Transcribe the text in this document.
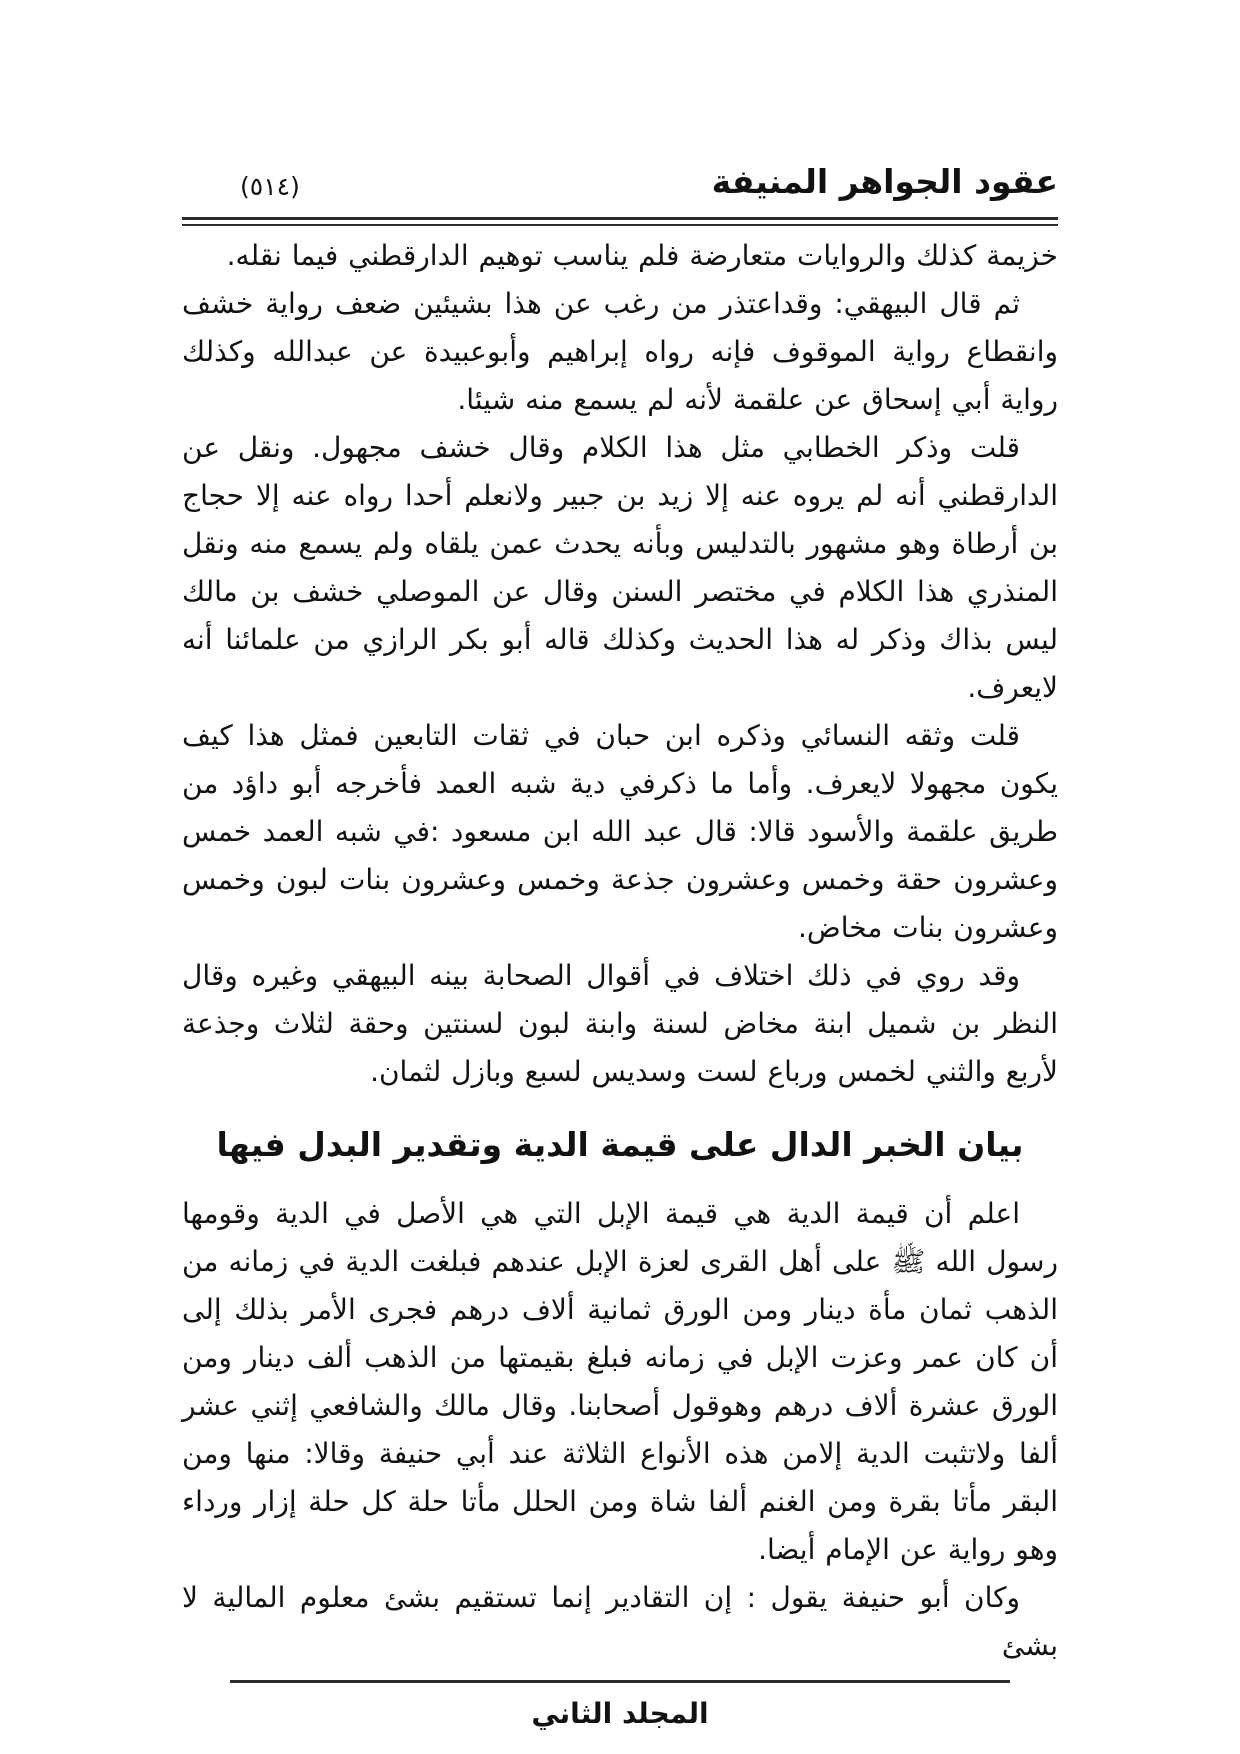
عقود الجواهر المنيفة
(٥١٤)

خزيمة كذلك والروايات متعارضة فلم يناسب توهيم الدارقطني فيما نقله.

ثم قال البيهقي: وقداعتذر من رغب عن هذا بشيئين ضعف رواية خشف وانقطاع رواية الموقوف فإنه رواه إبراهيم وأبوعبيدة عن عبدالله وكذلك رواية أبي إسحاق عن علقمة لأنه لم يسمع منه شيئا.

قلت وذكر الخطابي مثل هذا الكلام وقال خشف مجهول. ونقل عن الدارقطني أنه لم يروه عنه إلا زيد بن جبير ولانعلم أحدا رواه عنه إلا حجاج بن أرطاة وهو مشهور بالتدليس وبأنه يحدث عمن يلقاه ولم يسمع منه ونقل المنذري هذا الكلام في مختصر السنن وقال عن الموصلي خشف بن مالك ليس بذاك وذكر له هذا الحديث وكذلك قاله أبو بكر الرازي من علمائنا أنه لايعرف.

قلت وثقه النسائي وذكره ابن حبان في ثقات التابعين فمثل هذا كيف يكون مجهولا لايعرف. وأما ما ذكرفي دية شبه العمد فأخرجه أبو داؤد من طريق علقمة والأسود قالا: قال عبد الله ابن مسعود :في شبه العمد خمس وعشرون حقة وخمس وعشرون جذعة وخمس وعشرون بنات لبون وخمس وعشرون بنات مخاض.

وقد روي في ذلك اختلاف في أقوال الصحابة بينه البيهقي وغيره وقال النظر بن شميل ابنة مخاض لسنة وابنة لبون لسنتين وحقة لثلاث وجذعة لأربع والثني لخمس ورباع لست وسديس لسبع وبازل لثمان.

بيان الخبر الدال على قيمة الدية وتقدير البدل فيها

اعلم أن قيمة الدية هي قيمة الإبل التي هي الأصل في الدية وقومها رسول الله ﷺ على أهل القرى لعزة الإبل عندهم فبلغت الدية في زمانه من الذهب ثمان مأة دينار ومن الورق ثمانية ألاف درهم فجرى الأمر بذلك إلى أن كان عمر وعزت الإبل في زمانه فبلغ بقيمتها من الذهب ألف دينار ومن الورق عشرة ألاف درهم وهوقول أصحابنا. وقال مالك والشافعي إثني عشر ألفا ولاتثبت الدية إلامن هذه الأنواع الثلاثة عند أبي حنيفة وقالا: منها ومن البقر مأتا بقرة ومن الغنم ألفا شاة ومن الحلل مأتا حلة كل حلة إزار ورداء وهو رواية عن الإمام أيضا.

وكان أبو حنيفة يقول : إن التقادير إنما تستقيم بشئ معلوم المالية لا بشئ

المجلد الثاني
